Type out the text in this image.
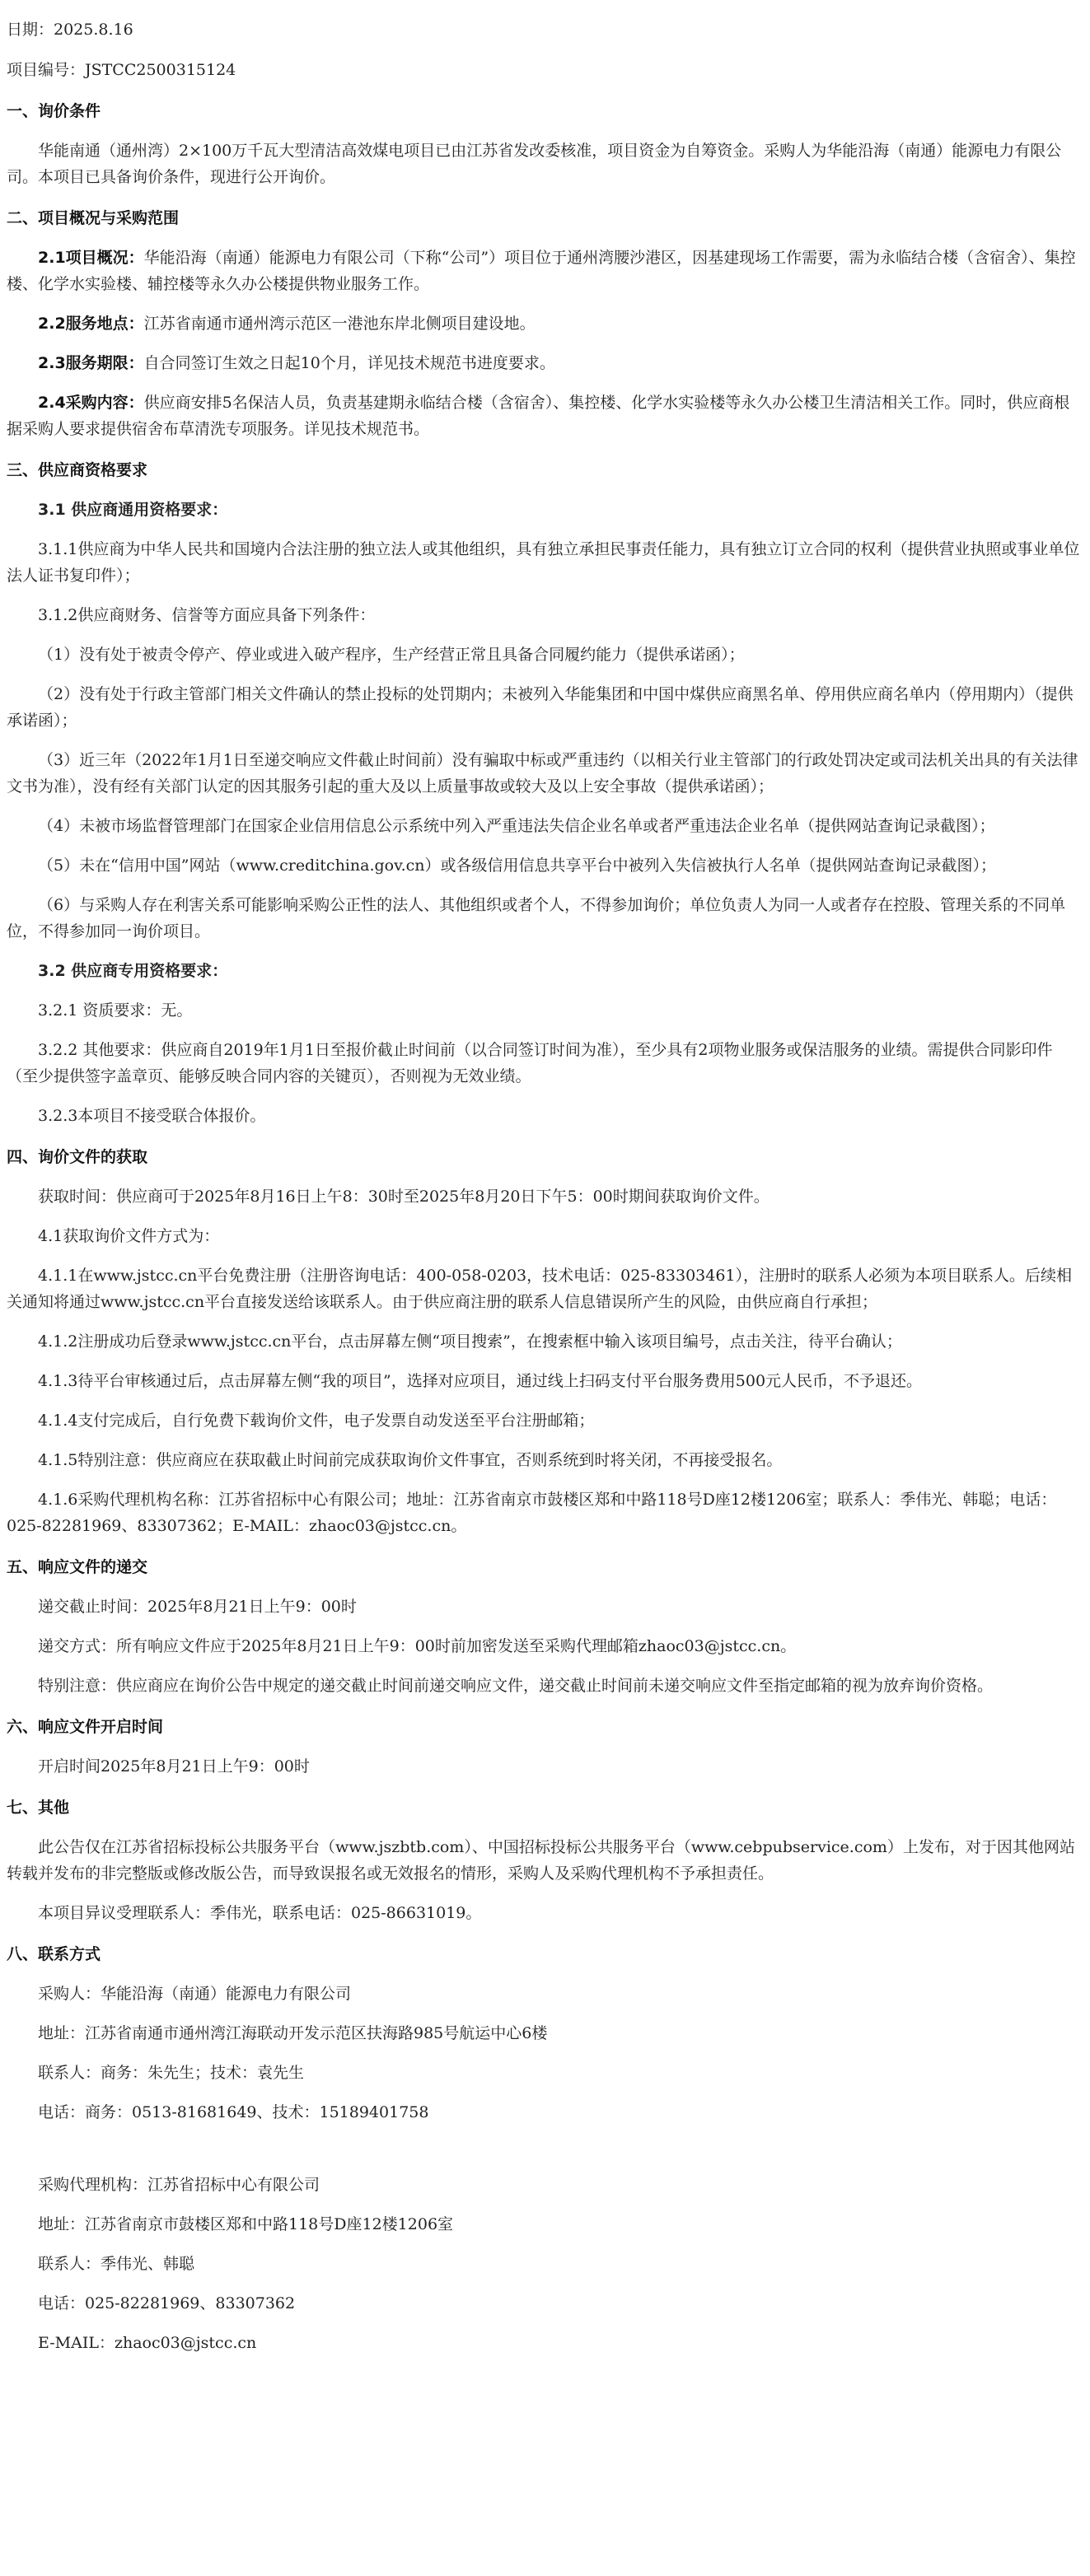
日期：2025.8.16
项目编号：JSTCC2500315124
一、询价条件
华能南通（通州湾）2×100万千瓦大型清洁高效煤电项目已由江苏省发改委核准，项目资金为自筹资金。采购人为华能沿海（南通）能源电力有限公司。本项目已具备询价条件，现进行公开询价。
二、项目概况与采购范围
2.1项目概况：华能沿海（南通）能源电力有限公司（下称“公司”）项目位于通州湾腰沙港区，因基建现场工作需要，需为永临结合楼（含宿舍）、集控楼、化学水实验楼、辅控楼等永久办公楼提供物业服务工作。
2.2服务地点：江苏省南通市通州湾示范区一港池东岸北侧项目建设地。
2.3服务期限：自合同签订生效之日起10个月，详见技术规范书进度要求。
2.4采购内容：供应商安排5名保洁人员，负责基建期永临结合楼（含宿舍）、集控楼、化学水实验楼等永久办公楼卫生清洁相关工作。同时，供应商根据采购人要求提供宿舍布草清洗专项服务。详见技术规范书。
三、供应商资格要求
3.1 供应商通用资格要求：
3.1.1供应商为中华人民共和国境内合法注册的独立法人或其他组织，具有独立承担民事责任能力，具有独立订立合同的权利（提供营业执照或事业单位法人证书复印件）；
3.1.2供应商财务、信誉等方面应具备下列条件：
（1）没有处于被责令停产、停业或进入破产程序，生产经营正常且具备合同履约能力（提供承诺函）；
（2）没有处于行政主管部门相关文件确认的禁止投标的处罚期内；未被列入华能集团和中国中煤供应商黑名单、停用供应商名单内（停用期内）（提供承诺函）；
（3）近三年（2022年1月1日至递交响应文件截止时间前）没有骗取中标或严重违约（以相关行业主管部门的行政处罚决定或司法机关出具的有关法律文书为准），没有经有关部门认定的因其服务引起的重大及以上质量事故或较大及以上安全事故（提供承诺函）；
（4）未被市场监督管理部门在国家企业信用信息公示系统中列入严重违法失信企业名单或者严重违法企业名单（提供网站查询记录截图）；
（5）未在“信用中国”网站（www.creditchina.gov.cn）或各级信用信息共享平台中被列入失信被执行人名单（提供网站查询记录截图）；
（6）与采购人存在利害关系可能影响采购公正性的法人、其他组织或者个人，不得参加询价；单位负责人为同一人或者存在控股、管理关系的不同单位，不得参加同一询价项目。
3.2 供应商专用资格要求：
3.2.1 资质要求：无。
3.2.2 其他要求：供应商自2019年1月1日至报价截止时间前（以合同签订时间为准），至少具有2项物业服务或保洁服务的业绩。需提供合同影印件（至少提供签字盖章页、能够反映合同内容的关键页），否则视为无效业绩。
3.2.3本项目不接受联合体报价。
四、询价文件的获取
获取时间：供应商可于2025年8月16日上午8：30时至2025年8月20日下午5：00时期间获取询价文件。
4.1获取询价文件方式为：
4.1.1在www.jstcc.cn平台免费注册（注册咨询电话：400-058-0203，技术电话：025-83303461），注册时的联系人必须为本项目联系人。后续相关通知将通过www.jstcc.cn平台直接发送给该联系人。由于供应商注册的联系人信息错误所产生的风险，由供应商自行承担；
4.1.2注册成功后登录www.jstcc.cn平台，点击屏幕左侧“项目搜索”，在搜索框中输入该项目编号，点击关注，待平台确认；
4.1.3待平台审核通过后，点击屏幕左侧“我的项目”，选择对应项目，通过线上扫码支付平台服务费用500元人民币，不予退还。
4.1.4支付完成后，自行免费下载询价文件，电子发票自动发送至平台注册邮箱；
4.1.5特别注意：供应商应在获取截止时间前完成获取询价文件事宜，否则系统到时将关闭，不再接受报名。
4.1.6采购代理机构名称：江苏省招标中心有限公司；地址：江苏省南京市鼓楼区郑和中路118号D座12楼1206室；联系人：季伟光、韩聪；电话：025-82281969、83307362；E-MAIL：zhaoc03@jstcc.cn。
五、响应文件的递交
递交截止时间：2025年8月21日上午9：00时
递交方式：所有响应文件应于2025年8月21日上午9：00时前加密发送至采购代理邮箱zhaoc03@jstcc.cn。
特别注意：供应商应在询价公告中规定的递交截止时间前递交响应文件，递交截止时间前未递交响应文件至指定邮箱的视为放弃询价资格。
六、响应文件开启时间
开启时间2025年8月21日上午9：00时
七、其他
此公告仅在江苏省招标投标公共服务平台（www.jszbtb.com）、中国招标投标公共服务平台（www.cebpubservice.com）上发布，对于因其他网站转载并发布的非完整版或修改版公告，而导致误报名或无效报名的情形，采购人及采购代理机构不予承担责任。
本项目异议受理联系人：季伟光，联系电话：025-86631019。
八、联系方式
采购人：华能沿海（南通）能源电力有限公司
地址：江苏省南通市通州湾江海联动开发示范区扶海路985号航运中心6楼
联系人：商务：朱先生；技术：袁先生
电话：商务：0513-81681649、技术：15189401758
采购代理机构：江苏省招标中心有限公司
地址：江苏省南京市鼓楼区郑和中路118号D座12楼1206室
联系人：季伟光、韩聪
电话：025-82281969、83307362
E-MAIL：zhaoc03@jstcc.cn
